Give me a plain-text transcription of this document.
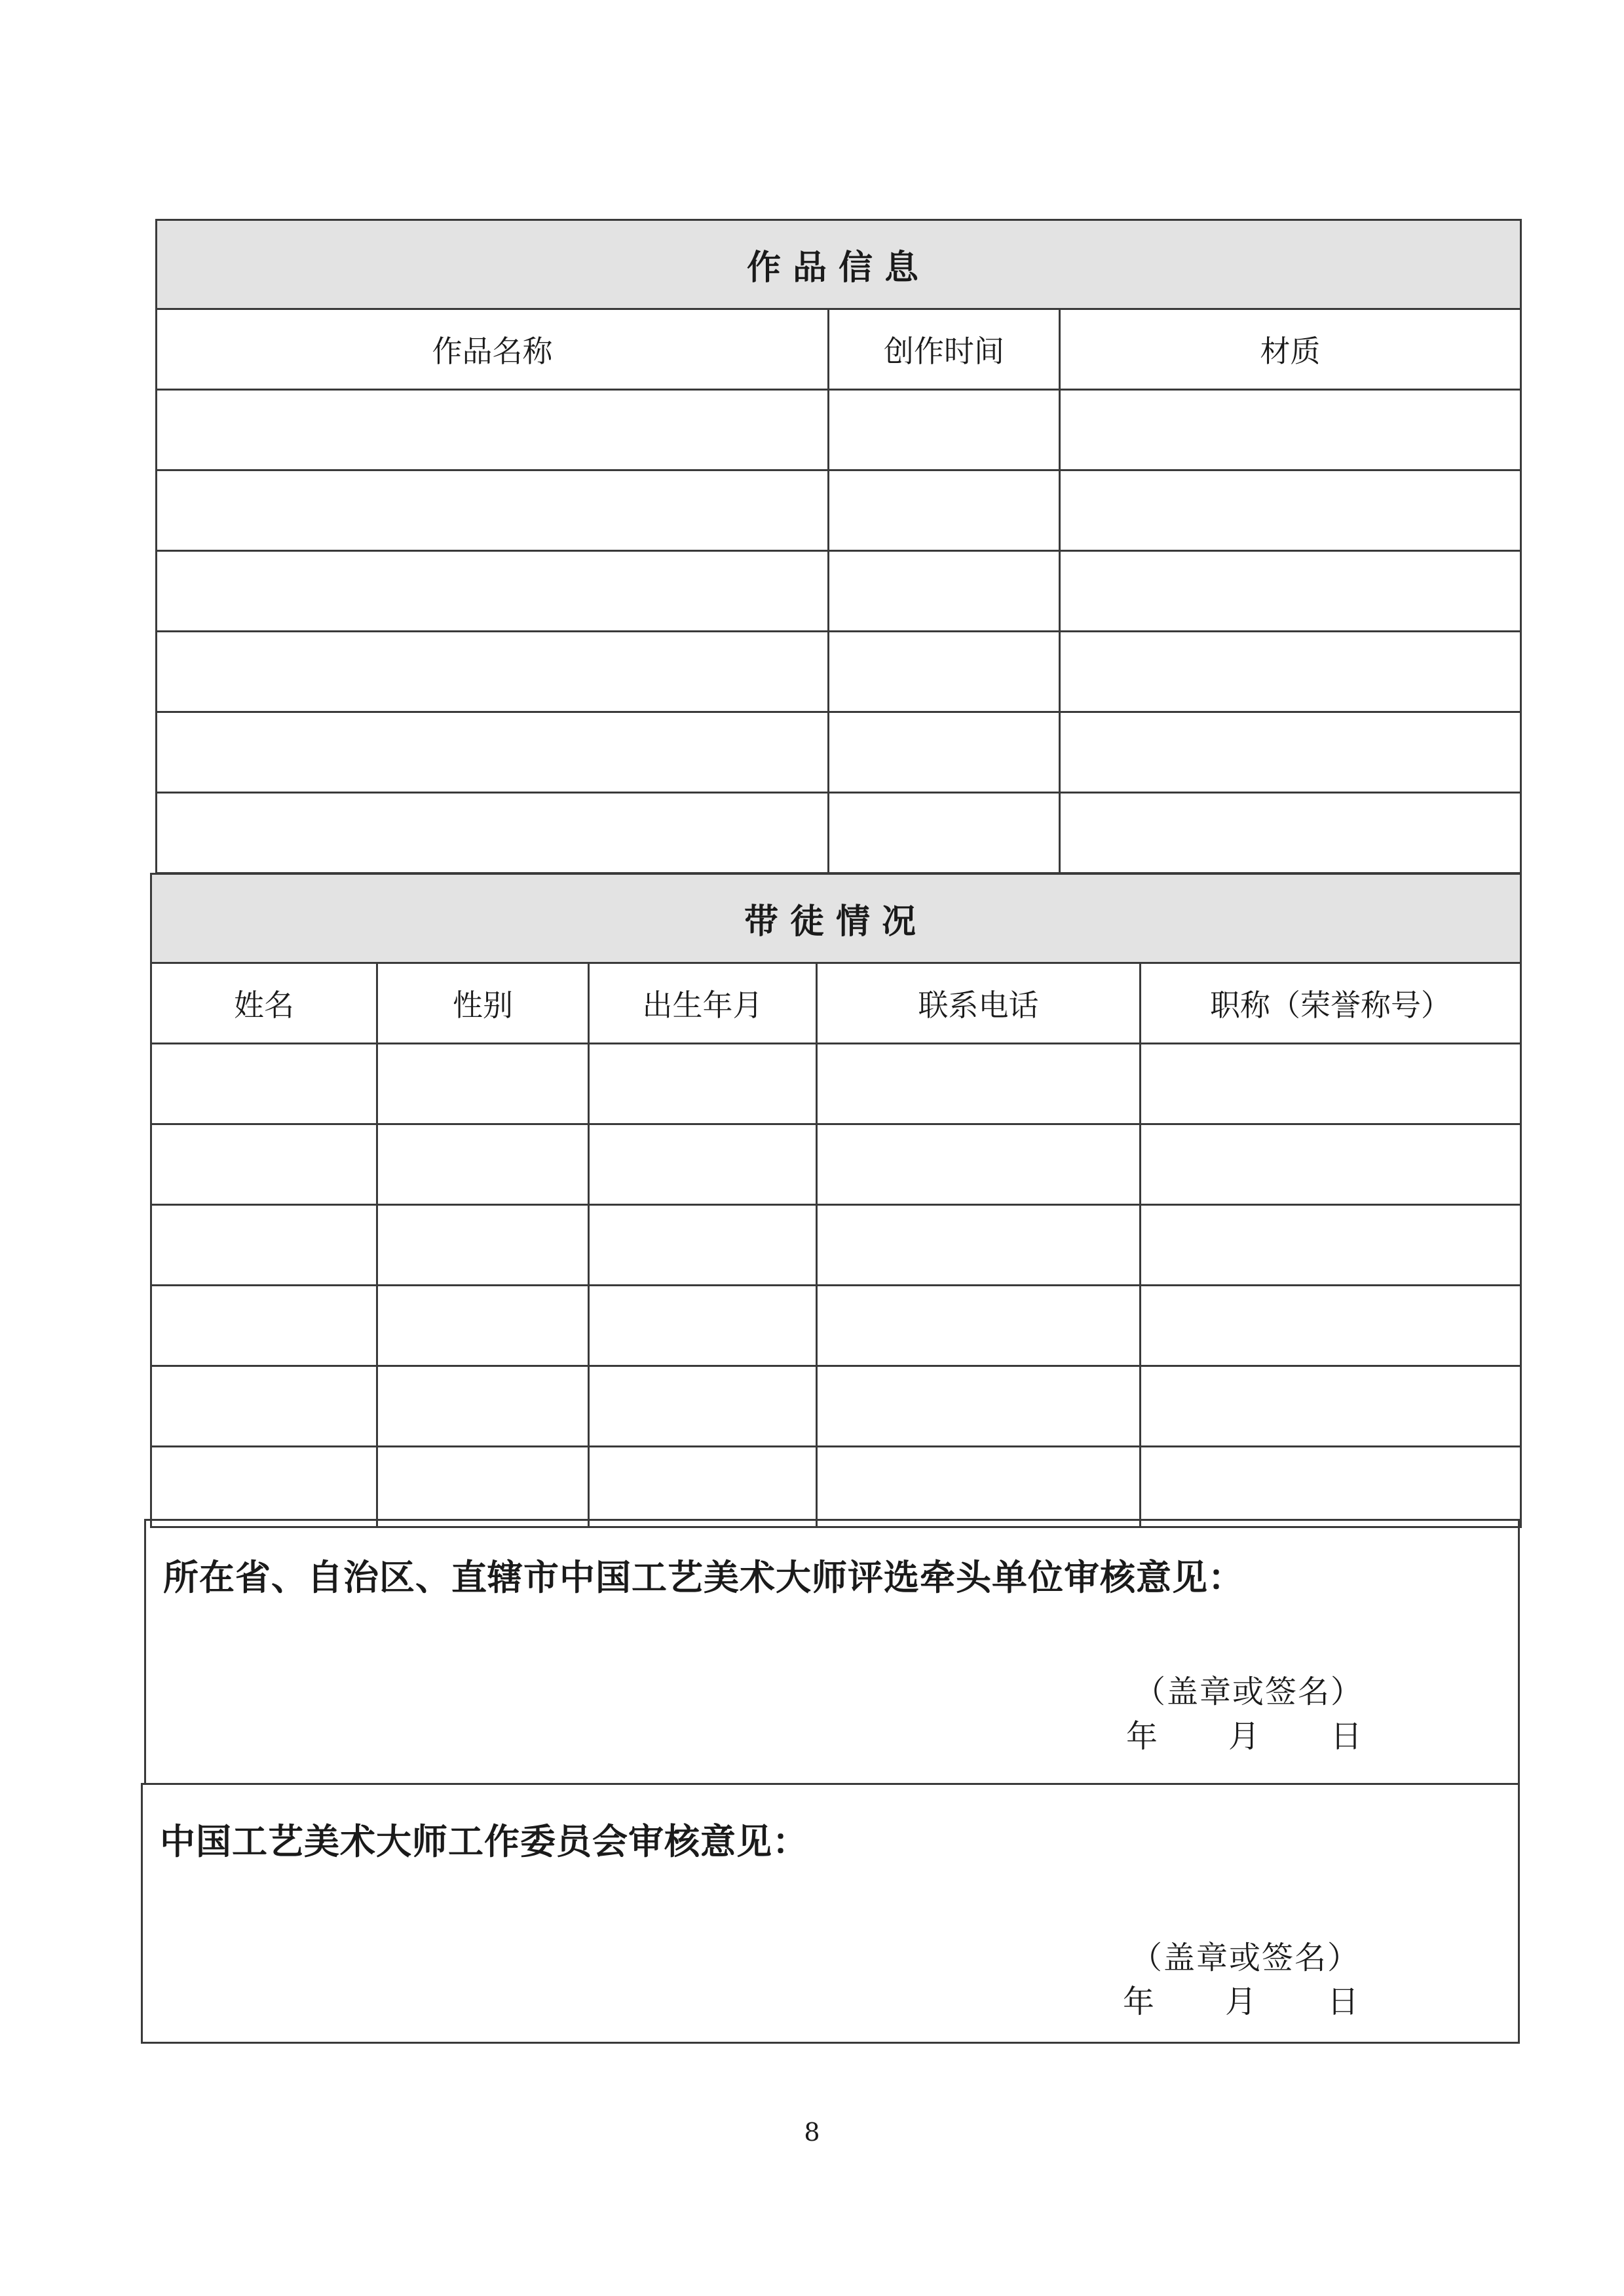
作品信息		
作品名称	创作时间	材质

带徒情况				
姓名	性别	出生年月	联系电话	职称（荣誉称号）

所在省、自治区、直辖市中国工艺美术大师评选牵头单位审核意见：
（盖章或签名）
年 月 日
中国工艺美术大师工作委员会审核意见：
（盖章或签名）
年 月 日
8
